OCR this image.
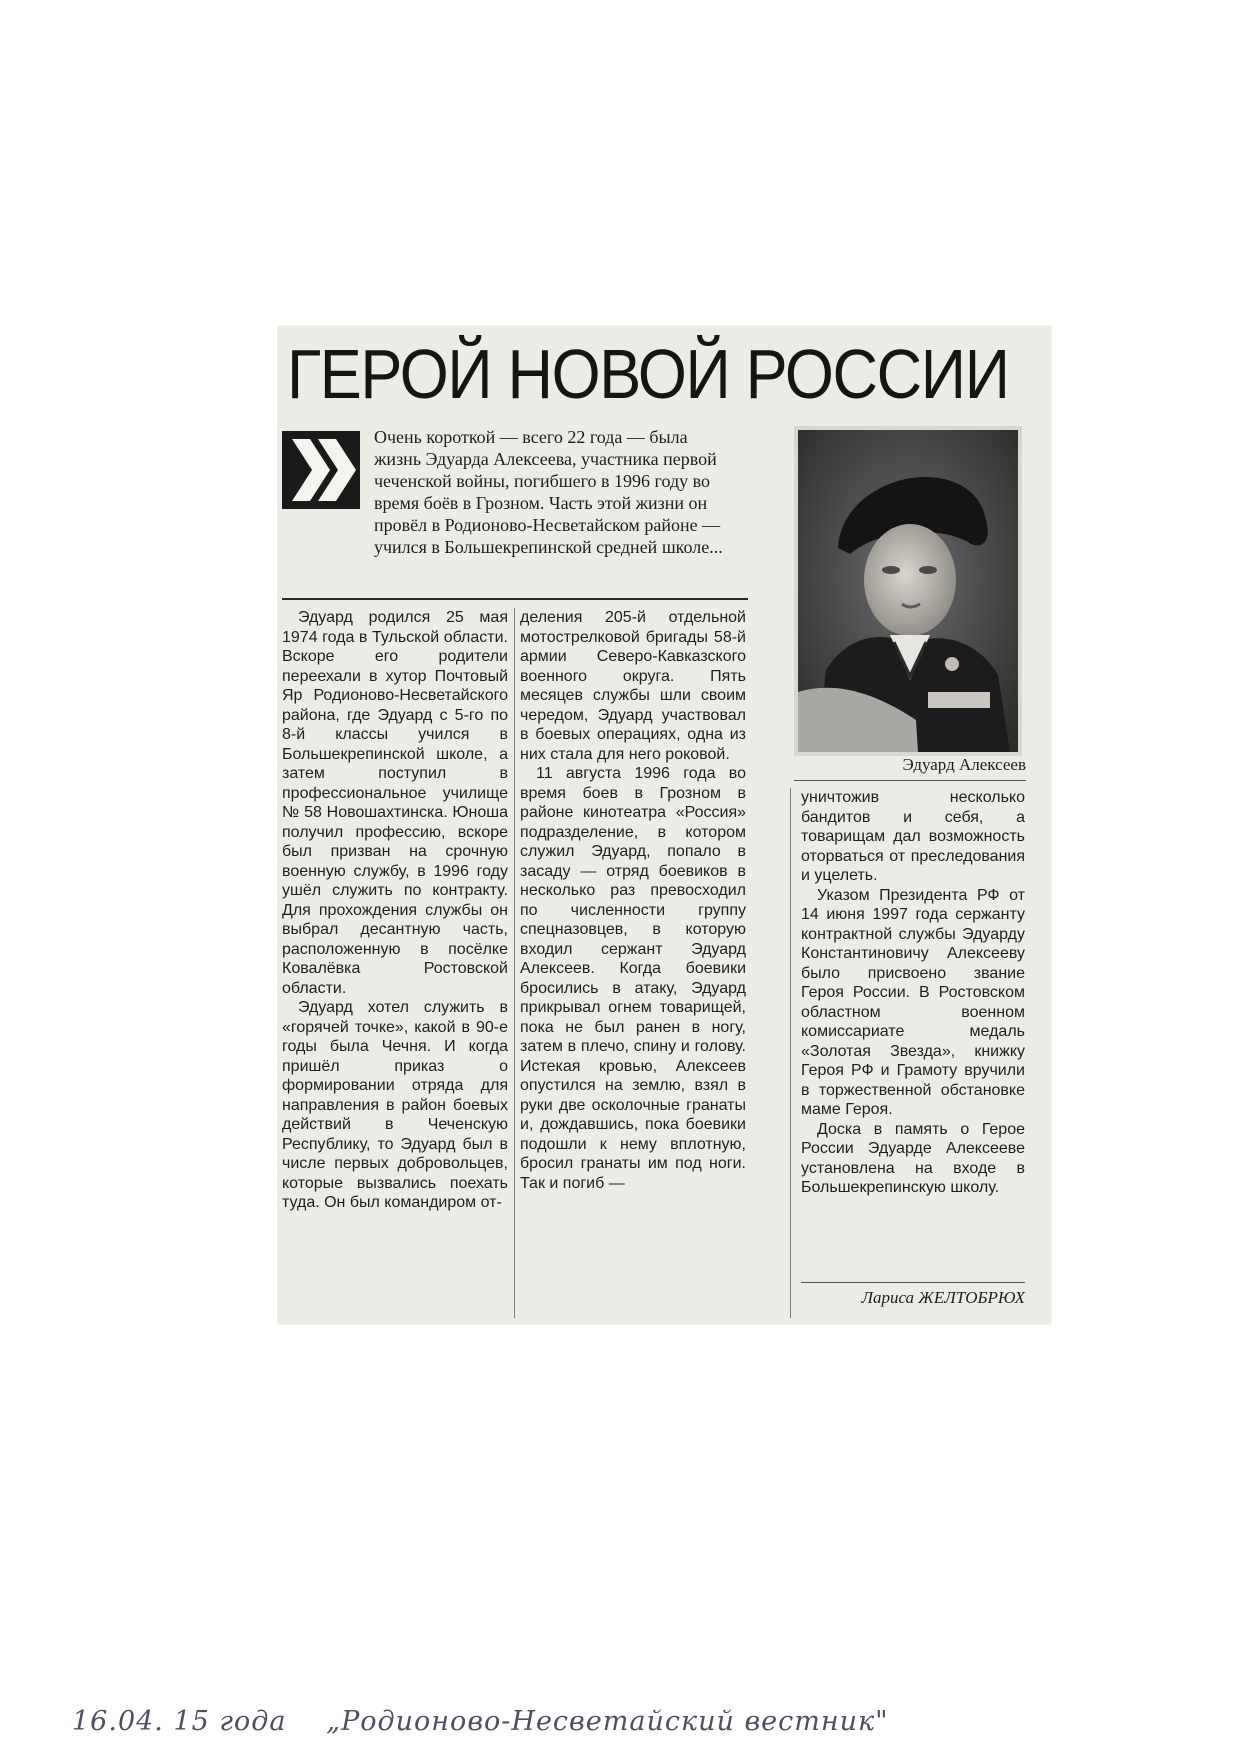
ГЕРОЙ НОВОЙ РОССИИ

Очень короткой — всего 22 года — была жизнь Эдуарда Алексеева, участника первой чеченской войны, погибшего в 1996 году во время боёв в Грозном. Часть этой жизни он провёл в Родионово-Несветайском районе — учился в Большекрепинской средней школе...

Эдуард Алексеев

Эдуард родился 25 мая 1974 года в Тульской области. Вскоре его родители переехали в хутор Почтовый Яр Родионово-Несветайского района, где Эдуард с 5-го по 8-й классы учился в Большекрепинской школе, а затем поступил в профессиональное училище № 58 Новошахтинска. Юноша получил профессию, вскоре был призван на срочную военную службу, в 1996 году ушёл служить по контракту. Для прохождения службы он выбрал десантную часть, расположенную в посёлке Ковалёвка Ростовской области.

Эдуард хотел служить в «горячей точке», какой в 90-е годы была Чечня. И когда пришёл приказ о формировании отряда для направления в район боевых действий в Чеченскую Республику, то Эдуард был в числе первых добровольцев, которые вызвались поехать туда. Он был командиром от-

деления 205-й отдельной мотострелковой бригады 58-й армии Северо-Кавказского военного округа. Пять месяцев службы шли своим чередом, Эдуард участвовал в боевых операциях, одна из них стала для него роковой.

11 августа 1996 года во время боев в Грозном в районе кинотеатра «Россия» подразделение, в котором служил Эдуард, попало в засаду — отряд боевиков в несколько раз превосходил по численности группу спецназовцев, в которую входил сержант Эдуард Алексеев. Когда боевики бросились в атаку, Эдуард прикрывал огнем товарищей, пока не был ранен в ногу, затем в плечо, спину и голову. Истекая кровью, Алексеев опустился на землю, взял в руки две осколочные гранаты и, дождавшись, пока боевики подошли к нему вплотную, бросил гранаты им под ноги. Так и погиб —

уничтожив несколько бандитов и себя, а товарищам дал возможность оторваться от преследования и уцелеть.

Указом Президента РФ от 14 июня 1997 года сержанту контрактной службы Эдуарду Константиновичу Алексееву было присвоено звание Героя России. В Ростовском областном военном комиссариате медаль «Золотая Звезда», книжку Героя РФ и Грамоту вручили в торжественной обстановке маме Героя.

Доска в память о Герое России Эдуарде Алексееве установлена на входе в Большекрепинскую школу.

Лариса ЖЕЛТОБРЮХ

16.04. 15 года „Родионово-Несветайский вестник"
